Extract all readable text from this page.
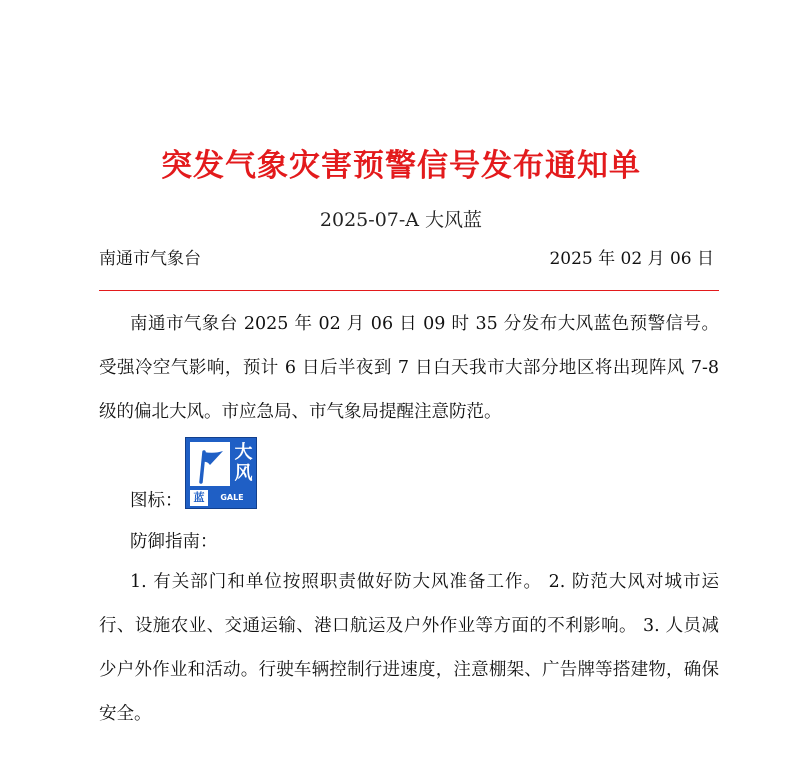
突发气象灾害预警信号发布通知单
2025-07-A 大风蓝
南通市气象台	2025 年 02 月 06 日
南通市气象台 2025 年 02 月 06 日 09 时 35 分发布大风蓝色预警信号。受强冷空气影响，预计 6 日后半夜到 7 日白天我市大部分地区将出现阵风 7-8 级的偏北大风。市应急局、市气象局提醒注意防范。
图标：
大
风
蓝	GALE
防御指南：
1. 有关部门和单位按照职责做好防大风准备工作。 2. 防范大风对城市运行、设施农业、交通运输、港口航运及户外作业等方面的不利影响。 3. 人员减少户外作业和活动。行驶车辆控制行进速度，注意棚架、广告牌等搭建物，确保安全。
